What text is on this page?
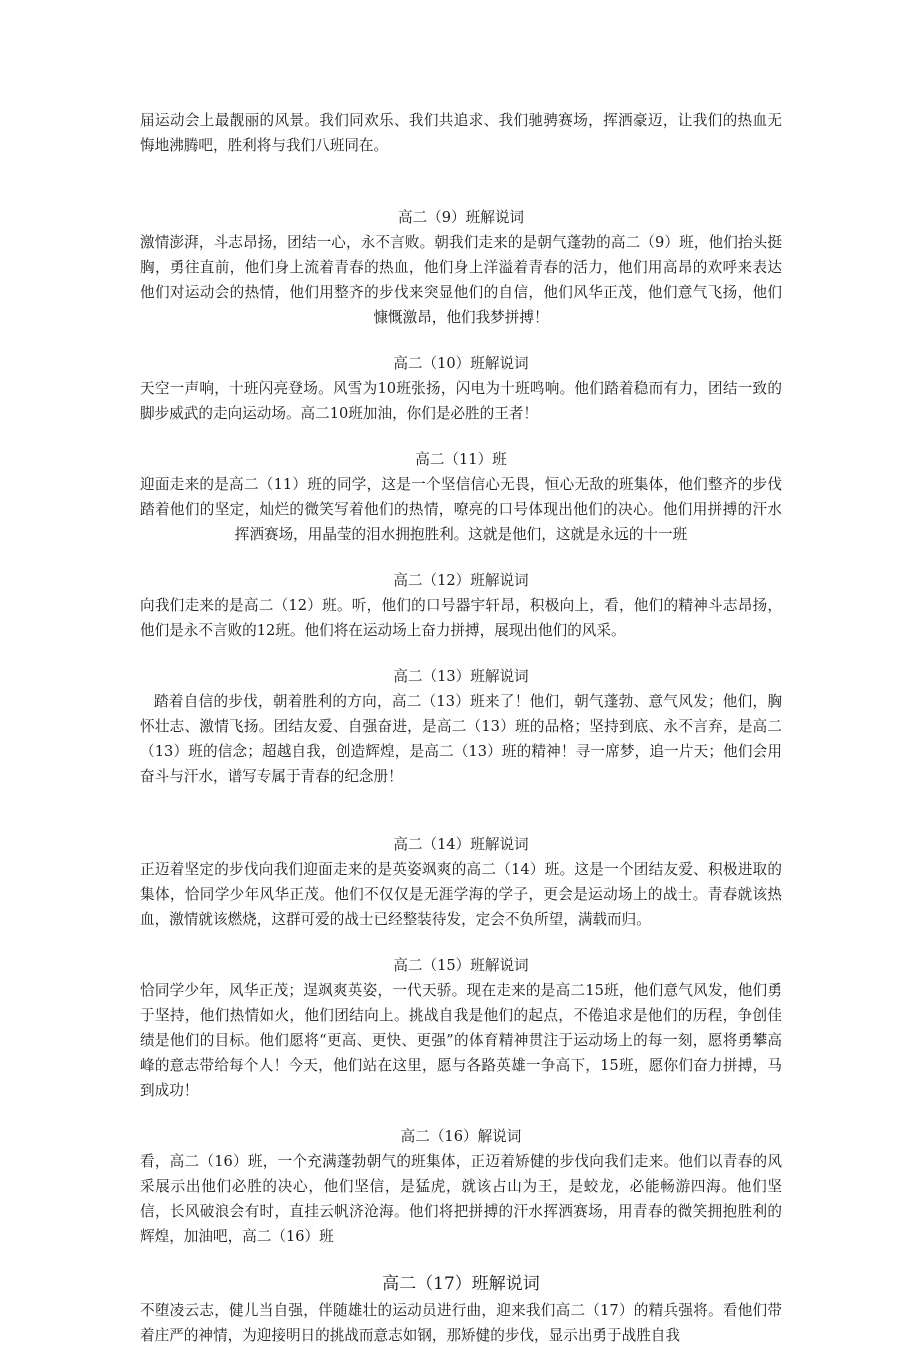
届运动会上最靓丽的风景。我们同欢乐、我们共追求、我们驰骋赛场，挥洒豪迈，让我们的热血无悔地沸腾吧，胜利将与我们八班同在。

高二（9）班解说词

激情澎湃，斗志昂扬，团结一心，永不言败。朝我们走来的是朝气蓬勃的高二（9）班，他们抬头挺胸，勇往直前，他们身上流着青春的热血，他们身上洋溢着青春的活力，他们用高昂的欢呼来表达他们对运动会的热情，他们用整齐的步伐来突显他们的自信，他们风华正茂，他们意气飞扬，他们慷慨激昂，他们我梦拼搏！

高二（10）班解说词

天空一声响，十班闪亮登场。风雪为10班张扬，闪电为十班鸣响。他们踏着稳而有力，团结一致的脚步威武的走向运动场。高二10班加油，你们是必胜的王者！

高二（11）班

迎面走来的是高二（11）班的同学，这是一个坚信信心无畏，恒心无敌的班集体，他们整齐的步伐踏着他们的坚定，灿烂的微笑写着他们的热情，嘹亮的口号体现出他们的决心。他们用拼搏的汗水挥洒赛场，用晶莹的泪水拥抱胜利。这就是他们，这就是永远的十一班

高二（12）班解说词

向我们走来的是高二（12）班。听，他们的口号器宇轩昂，积极向上，看，他们的精神斗志昂扬，他们是永不言败的12班。他们将在运动场上奋力拼搏，展现出他们的风采。

高二（13）班解说词

踏着自信的步伐，朝着胜利的方向，高二（13）班来了！他们，朝气蓬勃、意气风发；他们，胸怀壮志、激情飞扬。团结友爱、自强奋进，是高二（13）班的品格；坚持到底、永不言弃，是高二（13）班的信念；超越自我，创造辉煌，是高二（13）班的精神！寻一席梦，追一片天；他们会用奋斗与汗水，谱写专属于青春的纪念册！

高二（14）班解说词

正迈着坚定的步伐向我们迎面走来的是英姿飒爽的高二（14）班。这是一个团结友爱、积极进取的集体，恰同学少年风华正茂。他们不仅仅是无涯学海的学子，更会是运动场上的战士。青春就该热血，激情就该燃烧，这群可爱的战士已经整装待发，定会不负所望，满载而归。

高二（15）班解说词

恰同学少年，风华正茂；逞飒爽英姿，一代天骄。现在走来的是高二15班，他们意气风发，他们勇于坚持，他们热情如火，他们团结向上。挑战自我是他们的起点，不倦追求是他们的历程，争创佳绩是他们的目标。他们愿将“更高、更快、更强”的体育精神贯注于运动场上的每一刻，愿将勇攀高峰的意志带给每个人！今天，他们站在这里，愿与各路英雄一争高下，15班，愿你们奋力拼搏，马到成功！

高二（16）解说词

看，高二（16）班，一个充满蓬勃朝气的班集体，正迈着矫健的步伐向我们走来。他们以青春的风采展示出他们必胜的决心，他们坚信，是猛虎，就该占山为王，是蛟龙，必能畅游四海。他们坚信，长风破浪会有时，直挂云帆济沧海。他们将把拼搏的汗水挥洒赛场，用青春的微笑拥抱胜利的辉煌，加油吧，高二（16）班

高二（17）班解说词

不堕凌云志，健儿当自强，伴随雄壮的运动员进行曲，迎来我们高二（17）的精兵强将。看他们带着庄严的神情，为迎接明日的挑战而意志如钢，那矫健的步伐，显示出勇于战胜自我
